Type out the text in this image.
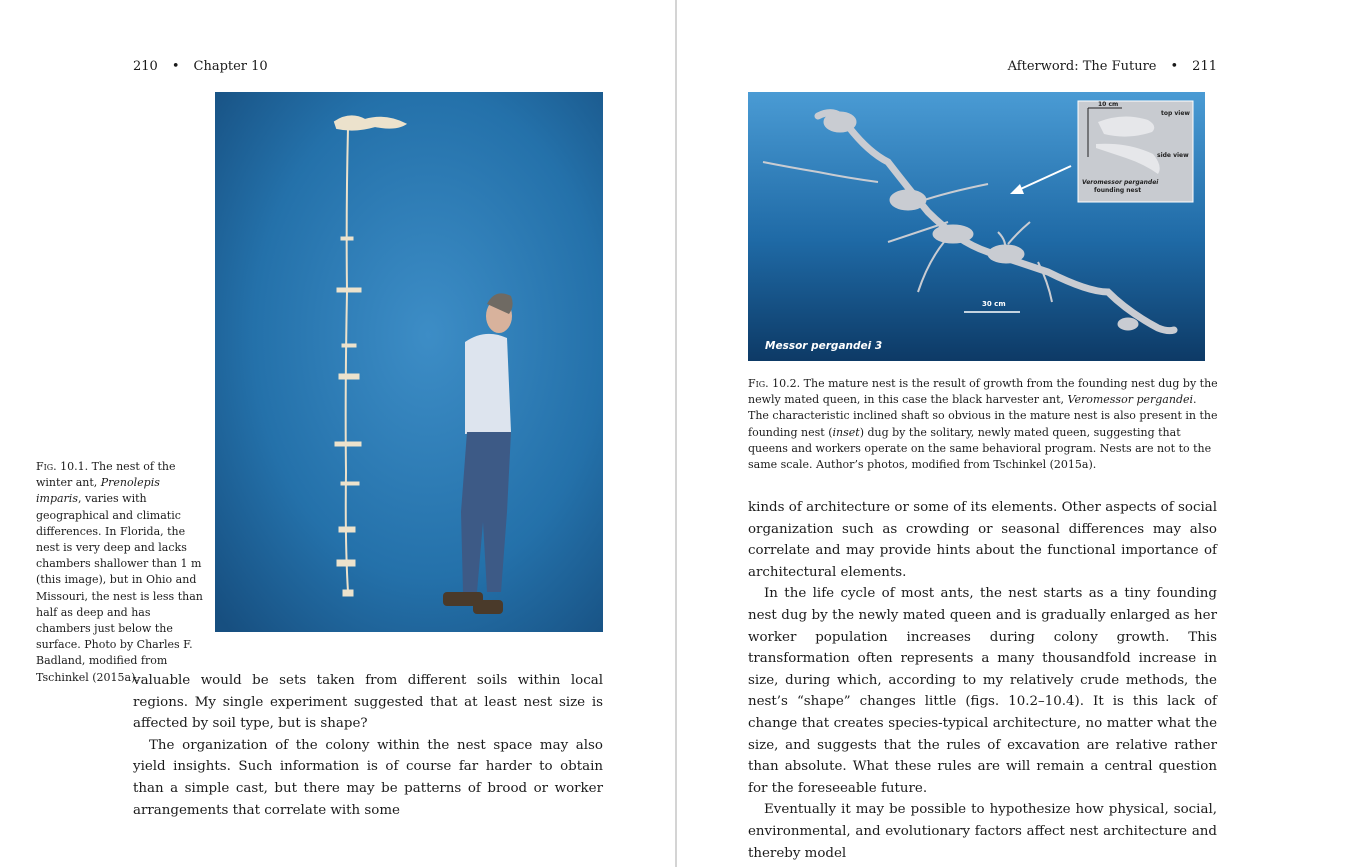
210 • Chapter 10
Fig. 10.1. The nest of the winter ant, Prenolepis imparis, varies with geographical and climatic differences. In Florida, the nest is very deep and lacks chambers shallower than 1 m (this image), but in Ohio and Missouri, the nest is less than half as deep and has chambers just below the surface. Photo by Charles F. Badland, modified from Tschinkel (2015a).

valuable would be sets taken from different soils within local regions. My single experiment suggested that at least nest size is affected by soil type, but is shape?

The organization of the colony within the nest space may also yield insights. Such information is of course far harder to obtain than a simple cast, but there may be patterns of brood or worker arrangements that correlate with some

Afterword: The Future • 211
Messor pergandei 3
30 cm
10 cm
top view
side view
Veromessor pergandei
founding nest
Fig. 10.2. The mature nest is the result of growth from the founding nest dug by the newly mated queen, in this case the black harvester ant, Veromessor pergandei. The characteristic inclined shaft so obvious in the mature nest is also present in the founding nest (inset) dug by the solitary, newly mated queen, suggesting that queens and workers operate on the same behavioral program. Nests are not to the same scale. Author’s photos, modified from Tschinkel (2015a).

kinds of architecture or some of its elements. Other aspects of social organization such as crowding or seasonal differences may also correlate and may provide hints about the functional importance of architectural elements.

In the life cycle of most ants, the nest starts as a tiny founding nest dug by the newly mated queen and is gradually enlarged as her worker population increases during colony growth. This transformation often represents a many thousandfold increase in size, during which, according to my relatively crude methods, the nest’s “shape” changes little (figs. 10.2–10.4). It is this lack of change that creates species-typical architecture, no matter what the size, and suggests that the rules of excavation are relative rather than absolute. What these rules are will remain a central question for the foreseeable future.

Eventually it may be possible to hypothesize how physical, social, environmental, and evolutionary factors affect nest architecture and thereby model
